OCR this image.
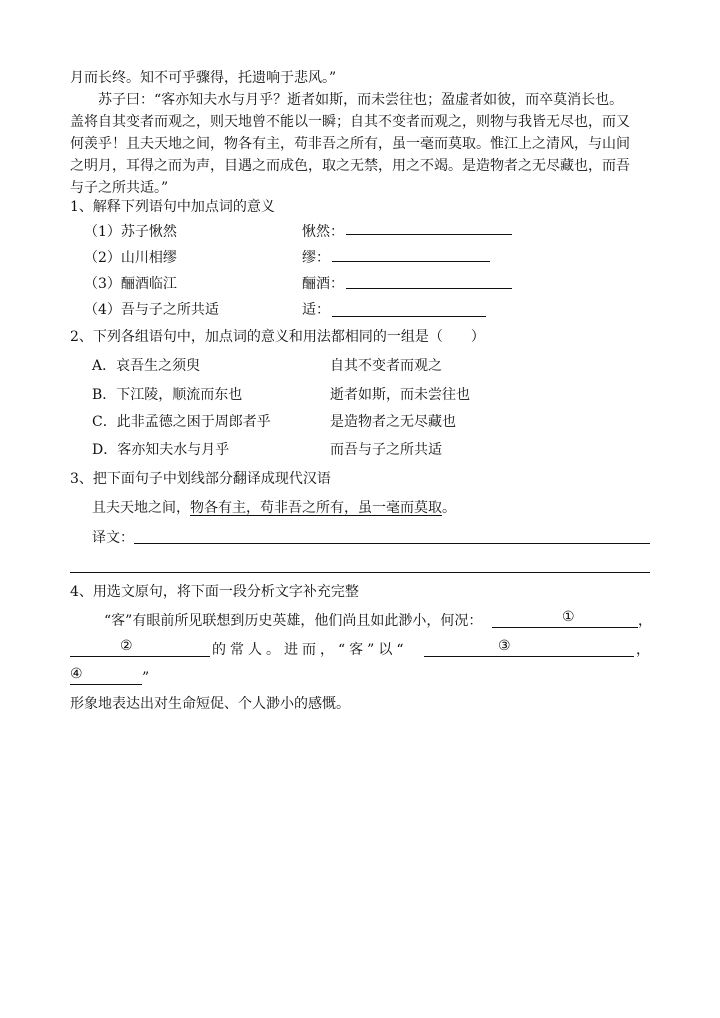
月而长终。知不可乎骤得，托遗响于悲风。”
苏子曰：“客亦知夫水与月乎？逝者如斯，而未尝往也；盈虚者如彼，而卒莫消长也。
盖将自其变者而观之，则天地曾不能以一瞬；自其不变者而观之，则物与我皆无尽也，而又
何羡乎！且夫天地之间，物各有主，苟非吾之所有，虽一毫而莫取。惟江上之清风，与山间
之明月，耳得之而为声，目遇之而成色，取之无禁，用之不竭。是造物者之无尽藏也，而吾
与子之所共适。”
1、解释下列语句中加点词的意义
（1）苏子愀然	愀然：
（2）山川相缪	缪：
（3）酾酒临江	酾酒：
（4）吾与子之所共适	适：
2、下列各组语句中，加点词的意义和用法都相同的一组是（　　）
A．哀吾生之须臾	自其不变者而观之
B．下江陵，顺流而东也	逝者如斯，而未尝往也
C．此非孟德之困于周郎者乎	是造物者之无尽藏也
D．客亦知夫水与月乎	而吾与子之所共适
3、把下面句子中划线部分翻译成现代汉语
且夫天地之间，物各有主，苟非吾之所有，虽一毫而莫取。
译文：
4、用选文原句，将下面一段分析文字补充完整
“客”有眼前所见联想到历史英雄，他们尚且如此渺小，何况：	①	，
②	的常人。进而，“客”以“	③	，
④	”
形象地表达出对生命短促、个人渺小的感慨。
